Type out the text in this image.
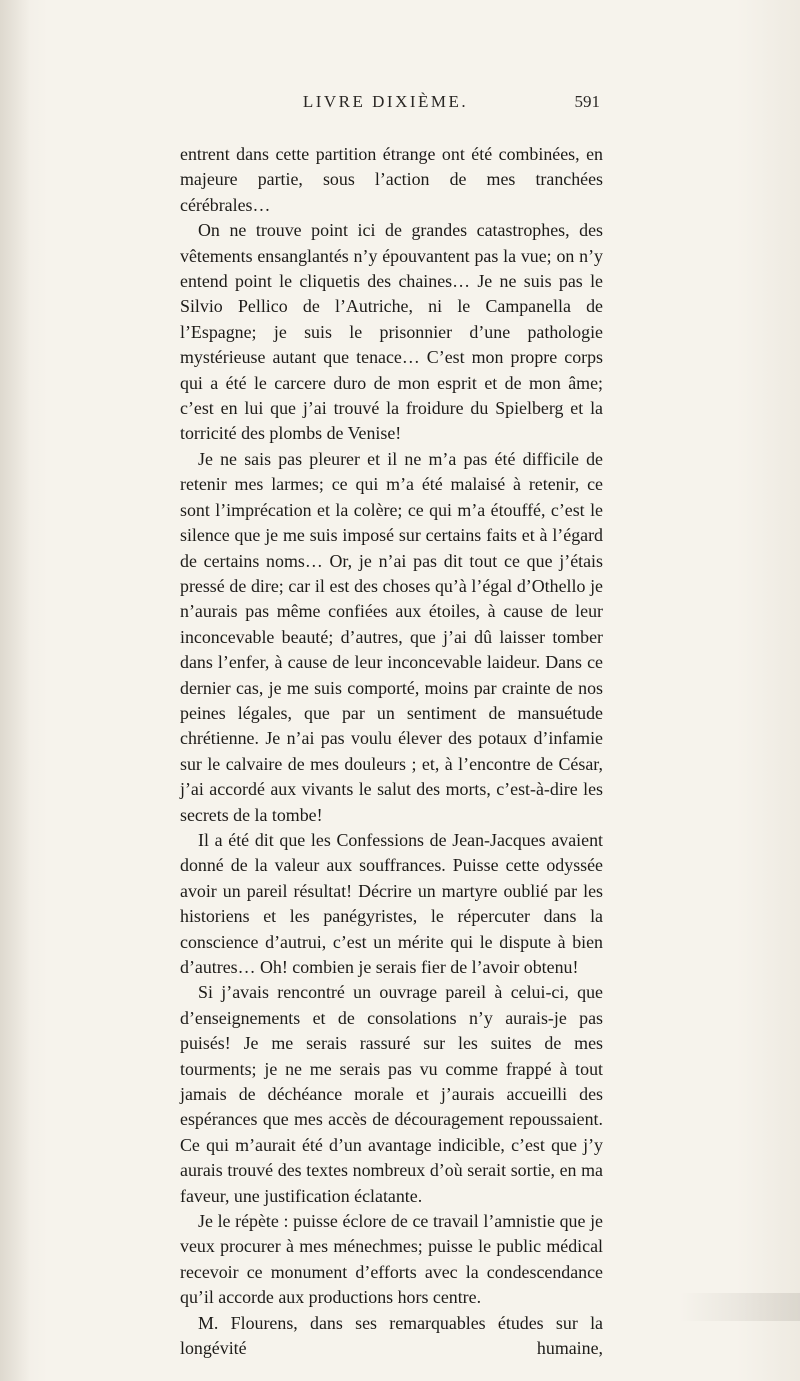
LIVRE DIXIÈME.	591

entrent dans cette partition étrange ont été combinées, en majeure partie, sous l’action de mes tranchées cérébrales…

On ne trouve point ici de grandes catastrophes, des vêtements ensanglantés n’y épouvantent pas la vue; on n’y entend point le cliquetis des chaines… Je ne suis pas le Silvio Pellico de l’Autriche, ni le Campanella de l’Espagne; je suis le prisonnier d’une pathologie mystérieuse autant que tenace… C’est mon propre corps qui a été le carcere duro de mon esprit et de mon âme; c’est en lui que j’ai trouvé la froidure du Spielberg et la torricité des plombs de Venise!

Je ne sais pas pleurer et il ne m’a pas été difficile de retenir mes larmes; ce qui m’a été malaisé à retenir, ce sont l’imprécation et la colère; ce qui m’a étouffé, c’est le silence que je me suis imposé sur certains faits et à l’égard de certains noms… Or, je n’ai pas dit tout ce que j’étais pressé de dire; car il est des choses qu’à l’égal d’Othello je n’aurais pas même confiées aux étoiles, à cause de leur inconcevable beauté; d’autres, que j’ai dû laisser tomber dans l’enfer, à cause de leur inconcevable laideur. Dans ce dernier cas, je me suis comporté, moins par crainte de nos peines légales, que par un sentiment de mansuétude chrétienne. Je n’ai pas voulu élever des potaux d’infamie sur le calvaire de mes douleurs ; et, à l’encontre de César, j’ai accordé aux vivants le salut des morts, c’est-à-dire les secrets de la tombe!

Il a été dit que les Confessions de Jean-Jacques avaient donné de la valeur aux souffrances. Puisse cette odyssée avoir un pareil résultat! Décrire un martyre oublié par les historiens et les panégyristes, le répercuter dans la conscience d’autrui, c’est un mérite qui le dispute à bien d’autres… Oh! combien je serais fier de l’avoir obtenu!

Si j’avais rencontré un ouvrage pareil à celui-ci, que d’enseignements et de consolations n’y aurais-je pas puisés! Je me serais rassuré sur les suites de mes tourments; je ne me serais pas vu comme frappé à tout jamais de déchéance morale et j’aurais accueilli des espérances que mes accès de découragement repoussaient. Ce qui m’aurait été d’un avantage indicible, c’est que j’y aurais trouvé des textes nombreux d’où serait sortie, en ma faveur, une justification éclatante.

Je le répète : puisse éclore de ce travail l’amnistie que je veux procurer à mes ménechmes; puisse le public médical recevoir ce monument d’efforts avec la condescendance qu’il accorde aux productions hors centre.

M. Flourens, dans ses remarquables études sur la longévité humaine,
